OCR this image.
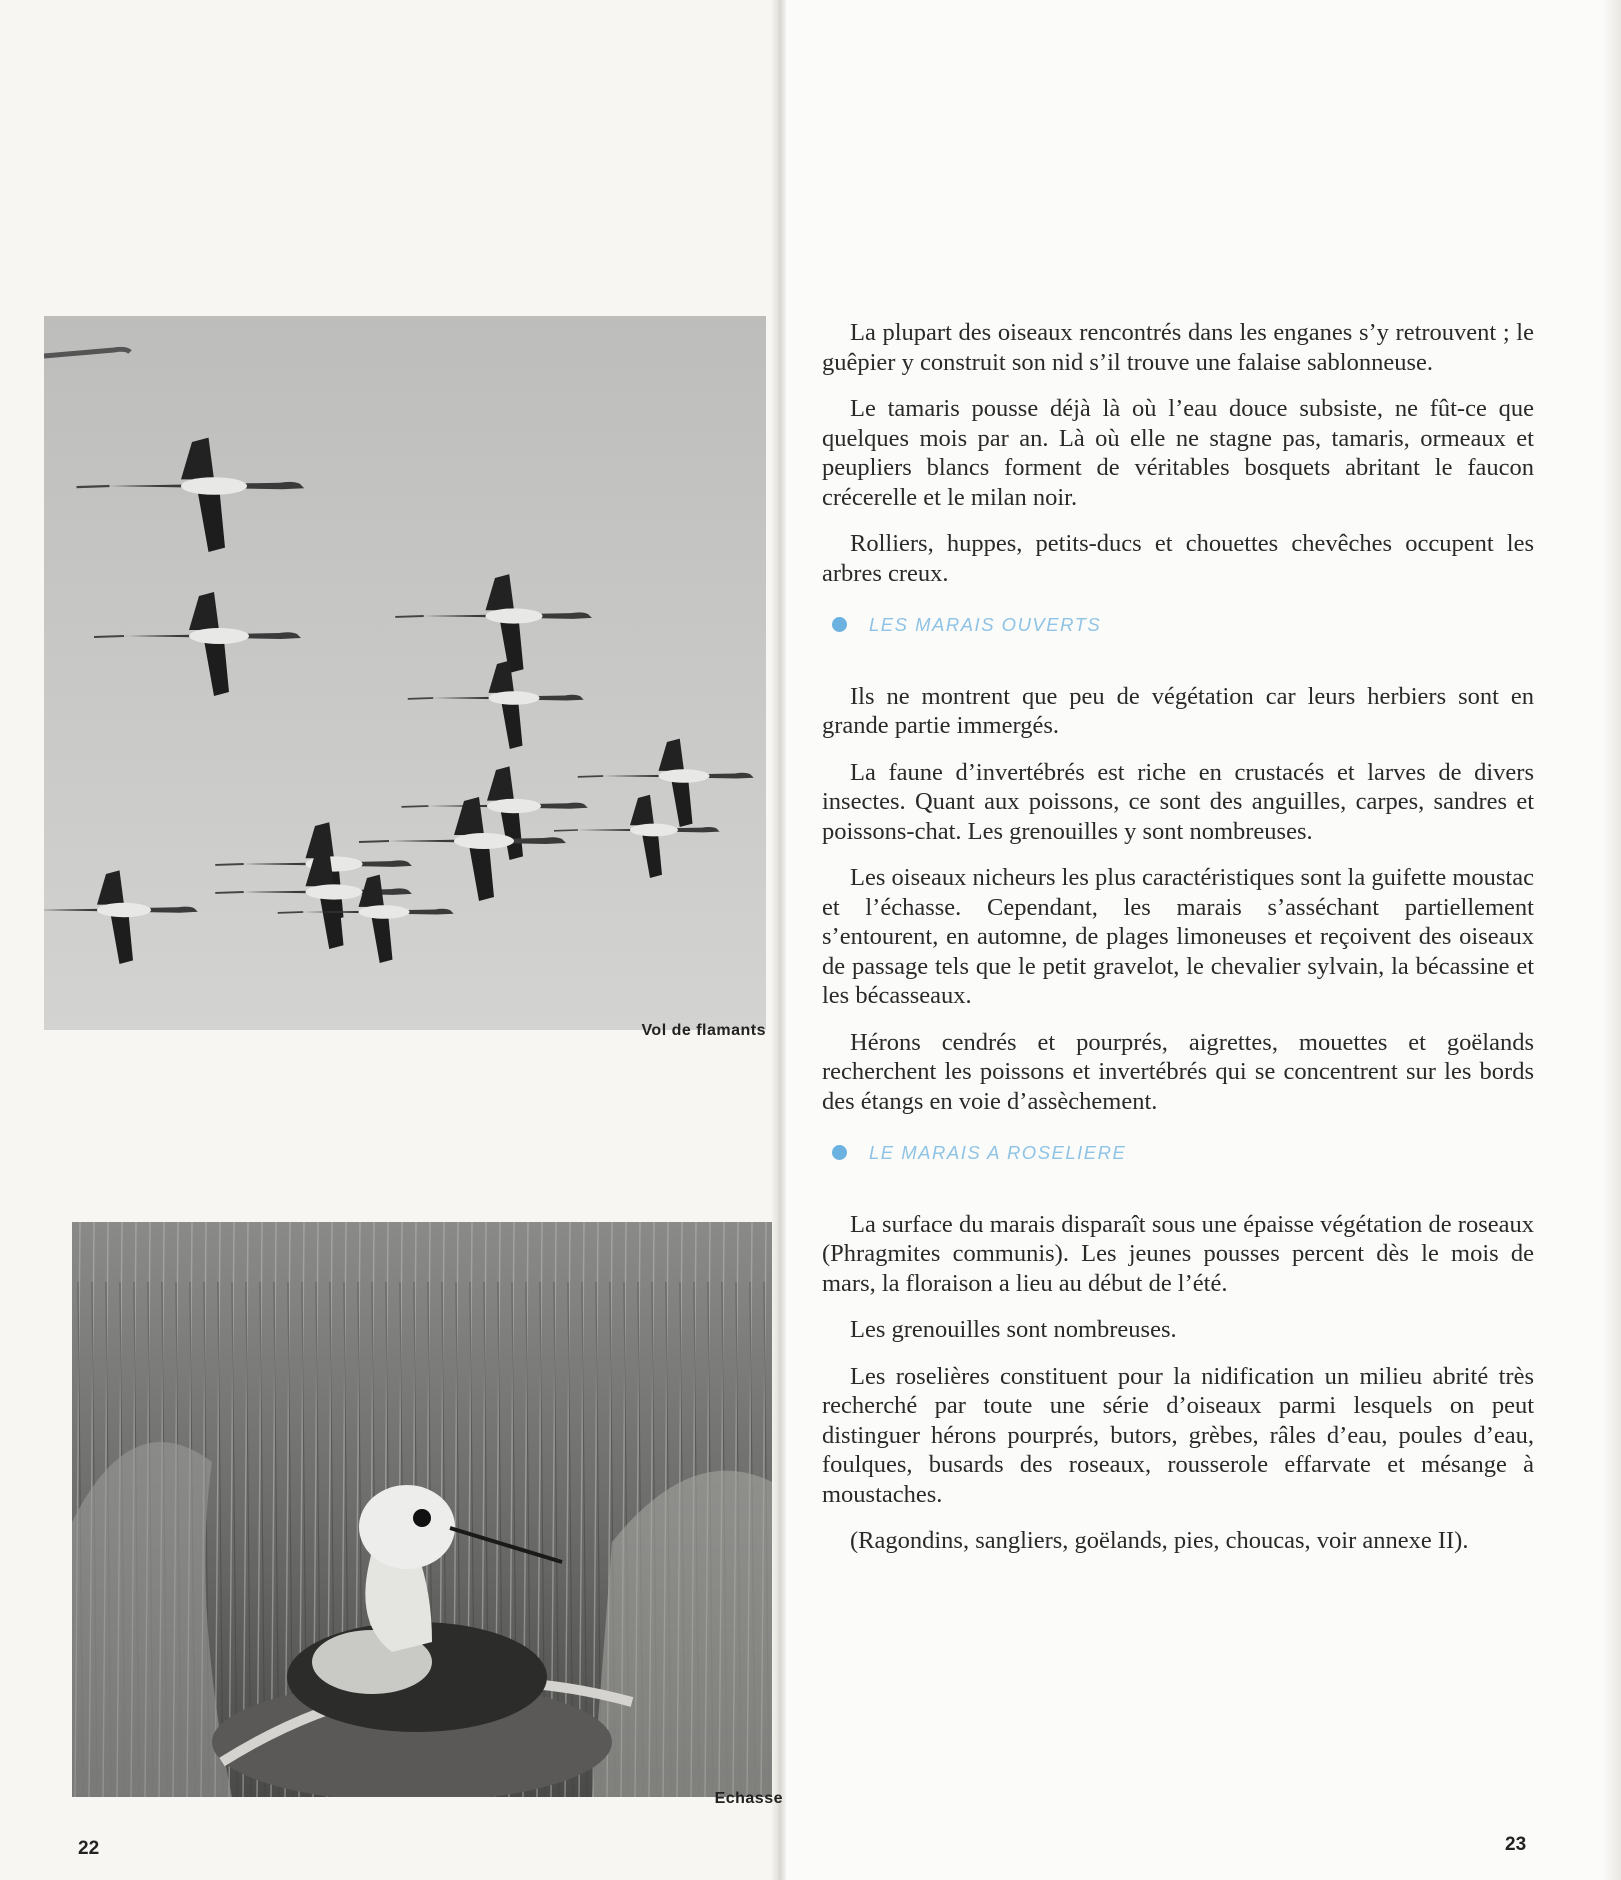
Vol de flamants
Echasse
22	23

La plupart des oiseaux rencontrés dans les enganes s’y retrouvent ; le guêpier y construit son nid s’il trouve une falaise sablonneuse.

Le tamaris pousse déjà là où l’eau douce subsiste, ne fût-ce que quelques mois par an. Là où elle ne stagne pas, tamaris, ormeaux et peupliers blancs forment de véritables bosquets abritant le faucon crécerelle et le milan noir.

Rolliers, huppes, petits-ducs et chouettes chevêches occupent les arbres creux.

LES MARAIS OUVERTS

Ils ne montrent que peu de végétation car leurs herbiers sont en grande partie immergés.

La faune d’invertébrés est riche en crustacés et larves de divers insectes. Quant aux poissons, ce sont des anguilles, carpes, sandres et poissons-chat. Les grenouilles y sont nombreuses.

Les oiseaux nicheurs les plus caractéristiques sont la guifette moustac et l’échasse. Cependant, les marais s’asséchant partiellement s’entourent, en automne, de plages limoneuses et reçoivent des oiseaux de passage tels que le petit gravelot, le chevalier sylvain, la bécassine et les bécasseaux.

Hérons cendrés et pourprés, aigrettes, mouettes et goëlands recherchent les poissons et invertébrés qui se concentrent sur les bords des étangs en voie d’assèchement.

LE MARAIS A ROSELIERE

La surface du marais disparaît sous une épaisse végétation de roseaux (Phragmites communis). Les jeunes pousses percent dès le mois de mars, la floraison a lieu au début de l’été.

Les grenouilles sont nombreuses.

Les roselières constituent pour la nidification un milieu abrité très recherché par toute une série d’oiseaux parmi lesquels on peut distinguer hérons pourprés, butors, grèbes, râles d’eau, poules d’eau, foulques, busards des roseaux, rousserole effarvate et mésange à moustaches.

(Ragondins, sangliers, goëlands, pies, choucas, voir annexe II).
